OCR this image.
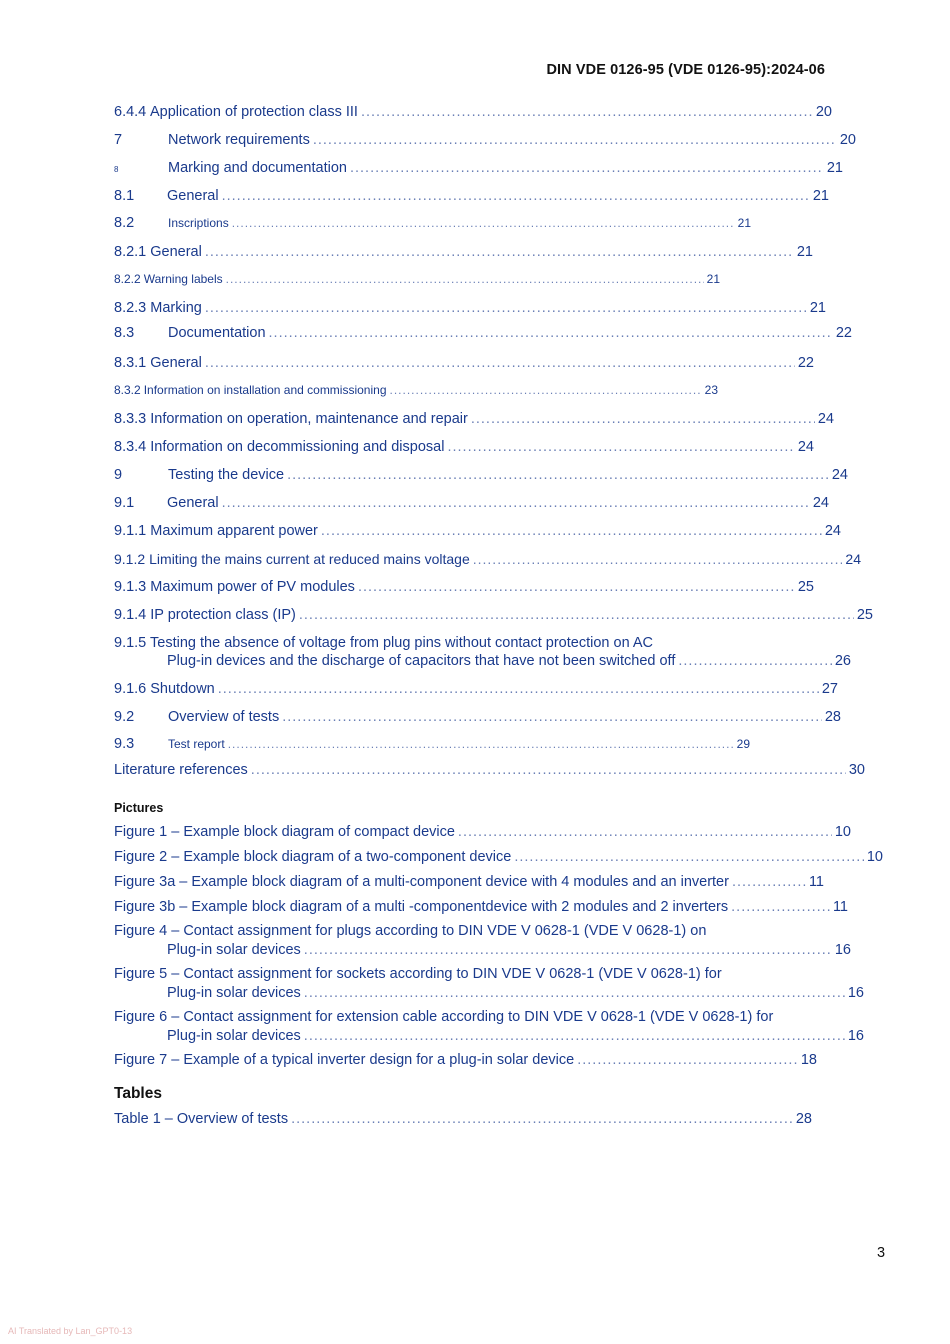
DIN VDE 0126-95 (VDE 0126-95):2024-06
6.4.4 Application of protection class III .....	20
7	Network requirements .....	20
8	Marking and documentation .....	21
8.1	General .....	21
8.2	Inscriptions .....	21
8.2.1 General .....	21
8.2.2 Warning labels .....	21
8.2.3 Marking .....	21
8.3	Documentation .....	22
8.3.1 General .....	22
8.3.2 Information on installation and commissioning .....	23
8.3.3 Information on operation, maintenance and repair .....	24
8.3.4 Information on decommissioning and disposal .....	24
9	Testing the device .....	24
9.1	General .....	24
9.1.1 Maximum apparent power .....	24
9.1.2 Limiting the mains current at reduced mains voltage .....	24
9.1.3 Maximum power of PV modules .....	25
9.1.4 IP protection class (IP) .....	25
9.1.5 Testing the absence of voltage from plug pins without contact protection on AC
Plug-in devices and the discharge of capacitors that have not been switched off .....	26
9.1.6 Shutdown .....	27
9.2	Overview of tests .....	28
9.3	Test report .....	29
Literature references .....	30
Pictures
Figure 1 – Example block diagram of compact device .....	10
Figure 2 – Example block diagram of a two-component device .....	10
Figure 3a – Example block diagram of a multi-component device with 4 modules and an inverter .....	11
Figure 3b – Example block diagram of a multi -componentdevice with 2 modules and 2 inverters .....	11
Figure 4 – Contact assignment for plugs according to DIN VDE V 0628-1 (VDE V 0628-1) on
Plug-in solar devices .....	16
Figure 5 – Contact assignment for sockets according to DIN VDE V 0628-1 (VDE V 0628-1) for
Plug-in solar devices .....	16
Figure 6 – Contact assignment for extension cable according to DIN VDE V 0628-1 (VDE V 0628-1) for
Plug-in solar devices .....	16
Figure 7 – Example of a typical inverter design for a plug-in solar device .....	18
Tables
Table 1 – Overview of tests .....	28
3
AI Translated by Lan_GPT0-13
